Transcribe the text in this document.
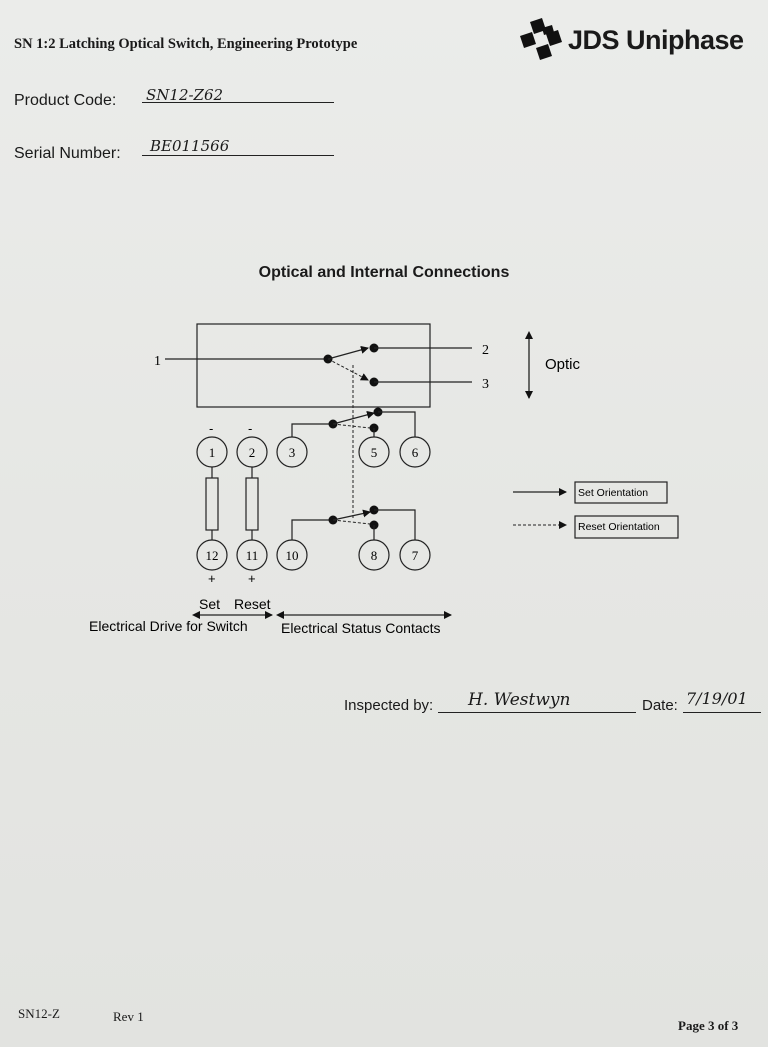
SN 1:2 Latching Optical Switch, Engineering Prototype	JDS Uniphase
Product Code: SN12-Z62
Serial Number: BE011566
Optical and Internal Connections
1
2
3
Optic
-	-
1	2
12 11
+ +
3	5	6
10	8	7
Set Orientation
Reset Orientation
Set Reset
Electrical Drive for Switch Electrical Status Contacts
Inspected by: H. Westwyn	Date: 7/19/01
SN12-Z	Rev 1
Page 3 of 3
